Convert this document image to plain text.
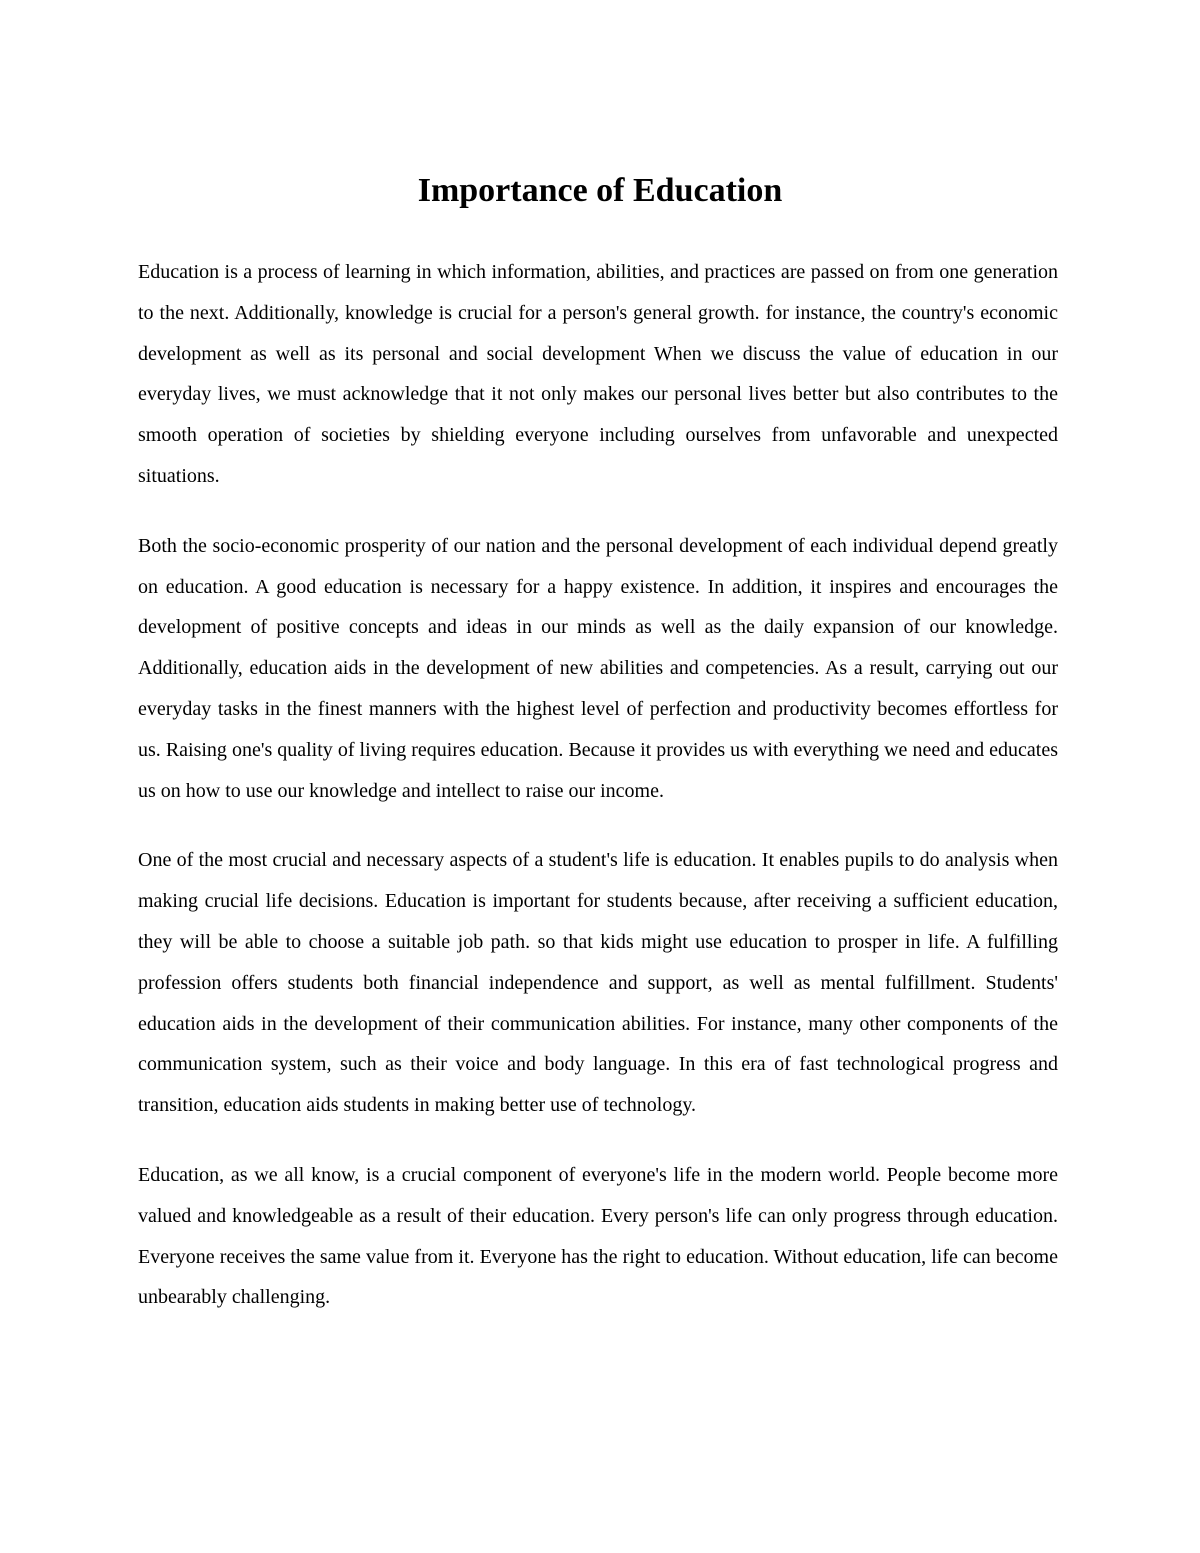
Importance of Education

Education is a process of learning in which information, abilities, and practices are passed on from one generation to the next. Additionally, knowledge is crucial for a person's general growth. for instance, the country's economic development as well as its personal and social development When we discuss the value of education in our everyday lives, we must acknowledge that it not only makes our personal lives better but also contributes to the smooth operation of societies by shielding everyone including ourselves from unfavorable and unexpected situations.

Both the socio-economic prosperity of our nation and the personal development of each individual depend greatly on education. A good education is necessary for a happy existence. In addition, it inspires and encourages the development of positive concepts and ideas in our minds as well as the daily expansion of our knowledge. Additionally, education aids in the development of new abilities and competencies. As a result, carrying out our everyday tasks in the finest manners with the highest level of perfection and productivity becomes effortless for us. Raising one's quality of living requires education. Because it provides us with everything we need and educates us on how to use our knowledge and intellect to raise our income.

One of the most crucial and necessary aspects of a student's life is education. It enables pupils to do analysis when making crucial life decisions. Education is important for students because, after receiving a sufficient education, they will be able to choose a suitable job path. so that kids might use education to prosper in life. A fulfilling profession offers students both financial independence and support, as well as mental fulfillment. Students' education aids in the development of their communication abilities. For instance, many other components of the communication system, such as their voice and body language. In this era of fast technological progress and transition, education aids students in making better use of technology.

Education, as we all know, is a crucial component of everyone's life in the modern world. People become more valued and knowledgeable as a result of their education. Every person's life can only progress through education. Everyone receives the same value from it. Everyone has the right to education. Without education, life can become unbearably challenging.
